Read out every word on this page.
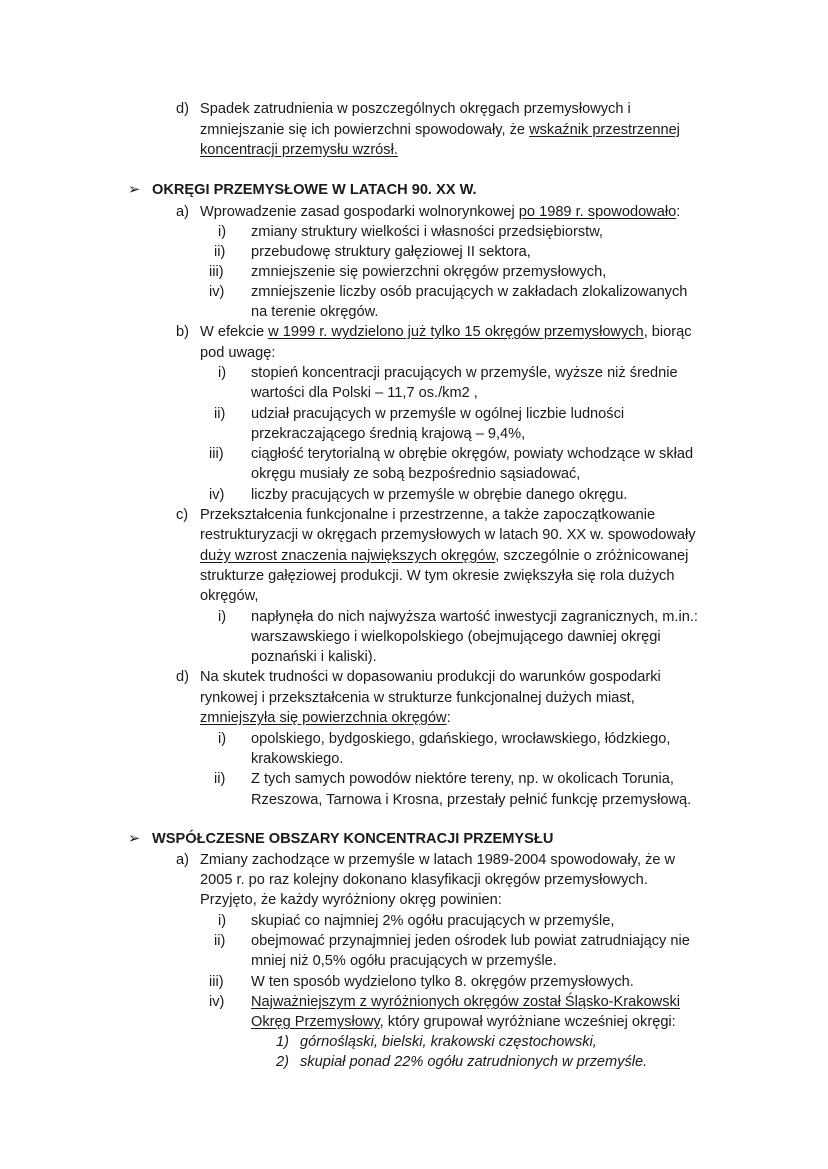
d) Spadek zatrudnienia w poszczególnych okręgach przemysłowych i
zmniejszanie się ich powierzchni spowodowały, że wskaźnik przestrzennej
koncentracji przemysłu wzrósł.
➢ OKRĘGI PRZEMYSŁOWE W LATACH 90. XX W.
a) Wprowadzenie zasad gospodarki wolnorynkowej po 1989 r. spowodowało:
i) zmiany struktury wielkości i własności przedsiębiorstw,
ii) przebudowę struktury gałęziowej II sektora,
iii) zmniejszenie się powierzchni okręgów przemysłowych,
iv) zmniejszenie liczby osób pracujących w zakładach zlokalizowanych
na terenie okręgów.
b) W efekcie w 1999 r. wydzielono już tylko 15 okręgów przemysłowych, biorąc
pod uwagę:
i) stopień koncentracji pracujących w przemyśle, wyższe niż średnie
wartości dla Polski – 11,7 os./km2 ,
ii) udział pracujących w przemyśle w ogólnej liczbie ludności
przekraczającego średnią krajową – 9,4%,
iii) ciągłość terytorialną w obrębie okręgów, powiaty wchodzące w skład
okręgu musiały ze sobą bezpośrednio sąsiadować,
iv) liczby pracujących w przemyśle w obrębie danego okręgu.
c) Przekształcenia funkcjonalne i przestrzenne, a także zapoczątkowanie
restrukturyzacji w okręgach przemysłowych w latach 90. XX w. spowodowały
duży wzrost znaczenia największych okręgów, szczególnie o zróżnicowanej
strukturze gałęziowej produkcji. W tym okresie zwiększyła się rola dużych
okręgów,
i) napłynęła do nich najwyższa wartość inwestycji zagranicznych, m.in.:
warszawskiego i wielkopolskiego (obejmującego dawniej okręgi
poznański i kaliski).
d) Na skutek trudności w dopasowaniu produkcji do warunków gospodarki
rynkowej i przekształcenia w strukturze funkcjonalnej dużych miast,
zmniejszyła się powierzchnia okręgów:
i) opolskiego, bydgoskiego, gdańskiego, wrocławskiego, łódzkiego,
krakowskiego.
ii) Z tych samych powodów niektóre tereny, np. w okolicach Torunia,
Rzeszowa, Tarnowa i Krosna, przestały pełnić funkcję przemysłową.
➢ WSPÓŁCZESNE OBSZARY KONCENTRACJI PRZEMYSŁU
a) Zmiany zachodzące w przemyśle w latach 1989-2004 spowodowały, że w
2005 r. po raz kolejny dokonano klasyfikacji okręgów przemysłowych.
Przyjęto, że każdy wyróżniony okręg powinien:
i) skupiać co najmniej 2% ogółu pracujących w przemyśle,
ii) obejmować przynajmniej jeden ośrodek lub powiat zatrudniający nie
mniej niż 0,5% ogółu pracujących w przemyśle.
iii) W ten sposób wydzielono tylko 8. okręgów przemysłowych.
iv) Najważniejszym z wyróżnionych okręgów został Śląsko-Krakowski
Okręg Przemysłowy, który grupował wyróżniane wcześniej okręgi:
1) górnośląski, bielski, krakowski częstochowski,
2) skupiał ponad 22% ogółu zatrudnionych w przemyśle.
